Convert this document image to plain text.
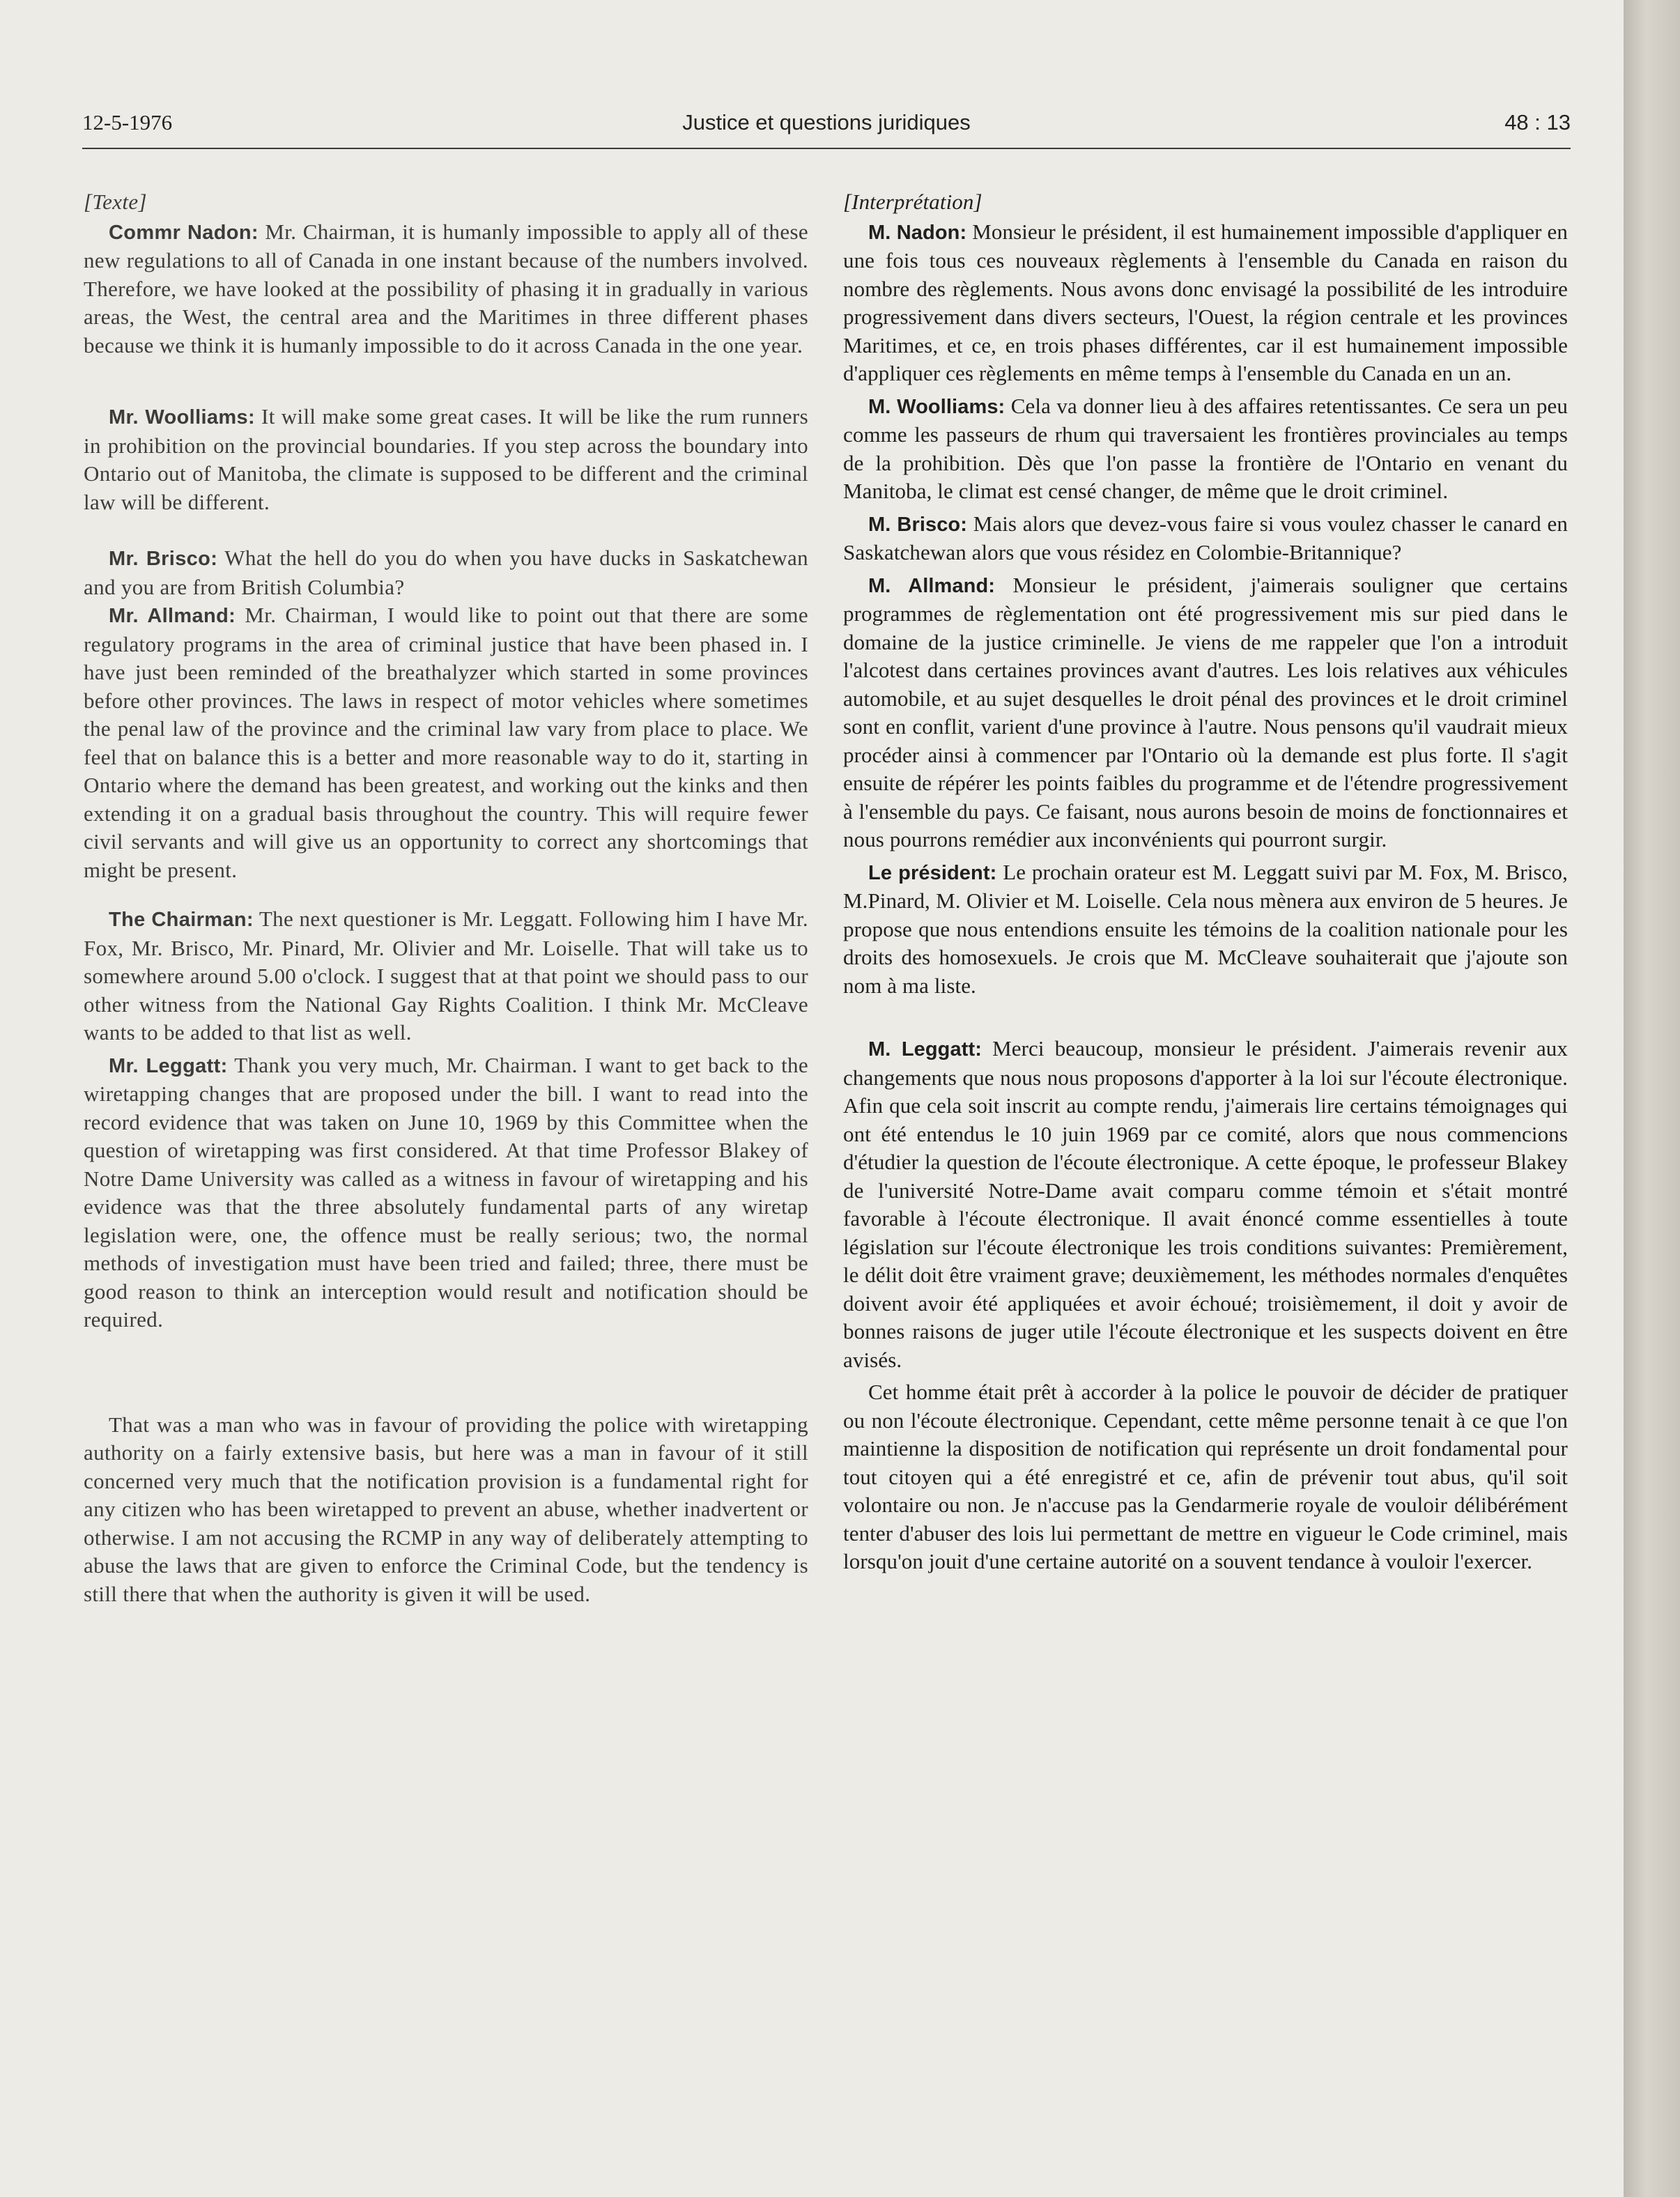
12-5-1976	Justice et questions juridiques	48 : 13
[Texte]

Commr Nadon: Mr. Chairman, it is humanly impossible to apply all of these new regulations to all of Canada in one instant because of the numbers involved. Therefore, we have looked at the possibility of phasing it in gradually in various areas, the West, the central area and the Maritimes in three different phases because we think it is humanly impossible to do it across Canada in the one year.

Mr. Woolliams: It will make some great cases. It will be like the rum runners in prohibition on the provincial boundaries. If you step across the boundary into Ontario out of Manitoba, the climate is supposed to be different and the criminal law will be different.

Mr. Brisco: What the hell do you do when you have ducks in Saskatchewan and you are from British Columbia?

Mr. Allmand: Mr. Chairman, I would like to point out that there are some regulatory programs in the area of criminal justice that have been phased in. I have just been reminded of the breathalyzer which started in some provinces before other provinces. The laws in respect of motor vehicles where sometimes the penal law of the province and the criminal law vary from place to place. We feel that on balance this is a better and more reasonable way to do it, starting in Ontario where the demand has been greatest, and working out the kinks and then extending it on a gradual basis throughout the country. This will require fewer civil servants and will give us an opportunity to correct any shortcomings that might be present.

The Chairman: The next questioner is Mr. Leggatt. Following him I have Mr. Fox, Mr. Brisco, Mr. Pinard, Mr. Olivier and Mr. Loiselle. That will take us to somewhere around 5.00 o'clock. I suggest that at that point we should pass to our other witness from the National Gay Rights Coalition. I think Mr. McCleave wants to be added to that list as well.

Mr. Leggatt: Thank you very much, Mr. Chairman. I want to get back to the wiretapping changes that are proposed under the bill. I want to read into the record evidence that was taken on June 10, 1969 by this Committee when the question of wiretapping was first considered. At that time Professor Blakey of Notre Dame University was called as a witness in favour of wiretapping and his evidence was that the three absolutely fundamental parts of any wiretap legislation were, one, the offence must be really serious; two, the normal methods of investigation must have been tried and failed; three, there must be good reason to think an interception would result and notification should be required.

That was a man who was in favour of providing the police with wiretapping authority on a fairly extensive basis, but here was a man in favour of it still concerned very much that the notification provision is a fundamental right for any citizen who has been wiretapped to prevent an abuse, whether inadvertent or otherwise. I am not accusing the RCMP in any way of deliberately attempting to abuse the laws that are given to enforce the Criminal Code, but the tendency is still there that when the authority is given it will be used.

[Interprétation]

M. Nadon: Monsieur le président, il est humainement impossible d'appliquer en une fois tous ces nouveaux règlements à l'ensemble du Canada en raison du nombre des règlements. Nous avons donc envisagé la possibilité de les introduire progressivement dans divers secteurs, l'Ouest, la région centrale et les provinces Maritimes, et ce, en trois phases différentes, car il est humainement impossible d'appliquer ces règlements en même temps à l'ensemble du Canada en un an.

M. Woolliams: Cela va donner lieu à des affaires retentissantes. Ce sera un peu comme les passeurs de rhum qui traversaient les frontières provinciales au temps de la prohibition. Dès que l'on passe la frontière de l'Ontario en venant du Manitoba, le climat est censé changer, de même que le droit criminel.

M. Brisco: Mais alors que devez-vous faire si vous voulez chasser le canard en Saskatchewan alors que vous résidez en Colombie-Britannique?

M. Allmand: Monsieur le président, j'aimerais souligner que certains programmes de règlementation ont été progressivement mis sur pied dans le domaine de la justice criminelle. Je viens de me rappeler que l'on a introduit l'alcotest dans certaines provinces avant d'autres. Les lois relatives aux véhicules automobile, et au sujet desquelles le droit pénal des provinces et le droit criminel sont en conflit, varient d'une province à l'autre. Nous pensons qu'il vaudrait mieux procéder ainsi à commencer par l'Ontario où la demande est plus forte. Il s'agit ensuite de répérer les points faibles du programme et de l'étendre progressivement à l'ensemble du pays. Ce faisant, nous aurons besoin de moins de fonctionnaires et nous pourrons remédier aux inconvénients qui pourront surgir.

Le président: Le prochain orateur est M. Leggatt suivi par M. Fox, M. Brisco, M.Pinard, M. Olivier et M. Loiselle. Cela nous mènera aux environ de 5 heures. Je propose que nous entendions ensuite les témoins de la coalition nationale pour les droits des homosexuels. Je crois que M. McCleave souhaiterait que j'ajoute son nom à ma liste.

M. Leggatt: Merci beaucoup, monsieur le président. J'aimerais revenir aux changements que nous nous proposons d'apporter à la loi sur l'écoute électronique. Afin que cela soit inscrit au compte rendu, j'aimerais lire certains témoignages qui ont été entendus le 10 juin 1969 par ce comité, alors que nous commencions d'étudier la question de l'écoute électronique. A cette époque, le professeur Blakey de l'université Notre-Dame avait comparu comme témoin et s'était montré favorable à l'écoute électronique. Il avait énoncé comme essentielles à toute législation sur l'écoute électronique les trois conditions suivantes: Premièrement, le délit doit être vraiment grave; deuxièmement, les méthodes normales d'enquêtes doivent avoir été appliquées et avoir échoué; troisièmement, il doit y avoir de bonnes raisons de juger utile l'écoute électronique et les suspects doivent en être avisés.

Cet homme était prêt à accorder à la police le pouvoir de décider de pratiquer ou non l'écoute électronique. Cependant, cette même personne tenait à ce que l'on maintienne la disposition de notification qui représente un droit fondamental pour tout citoyen qui a été enregistré et ce, afin de prévenir tout abus, qu'il soit volontaire ou non. Je n'accuse pas la Gendarmerie royale de vouloir délibérément tenter d'abuser des lois lui permettant de mettre en vigueur le Code criminel, mais lorsqu'on jouit d'une certaine autorité on a souvent tendance à vouloir l'exercer.
